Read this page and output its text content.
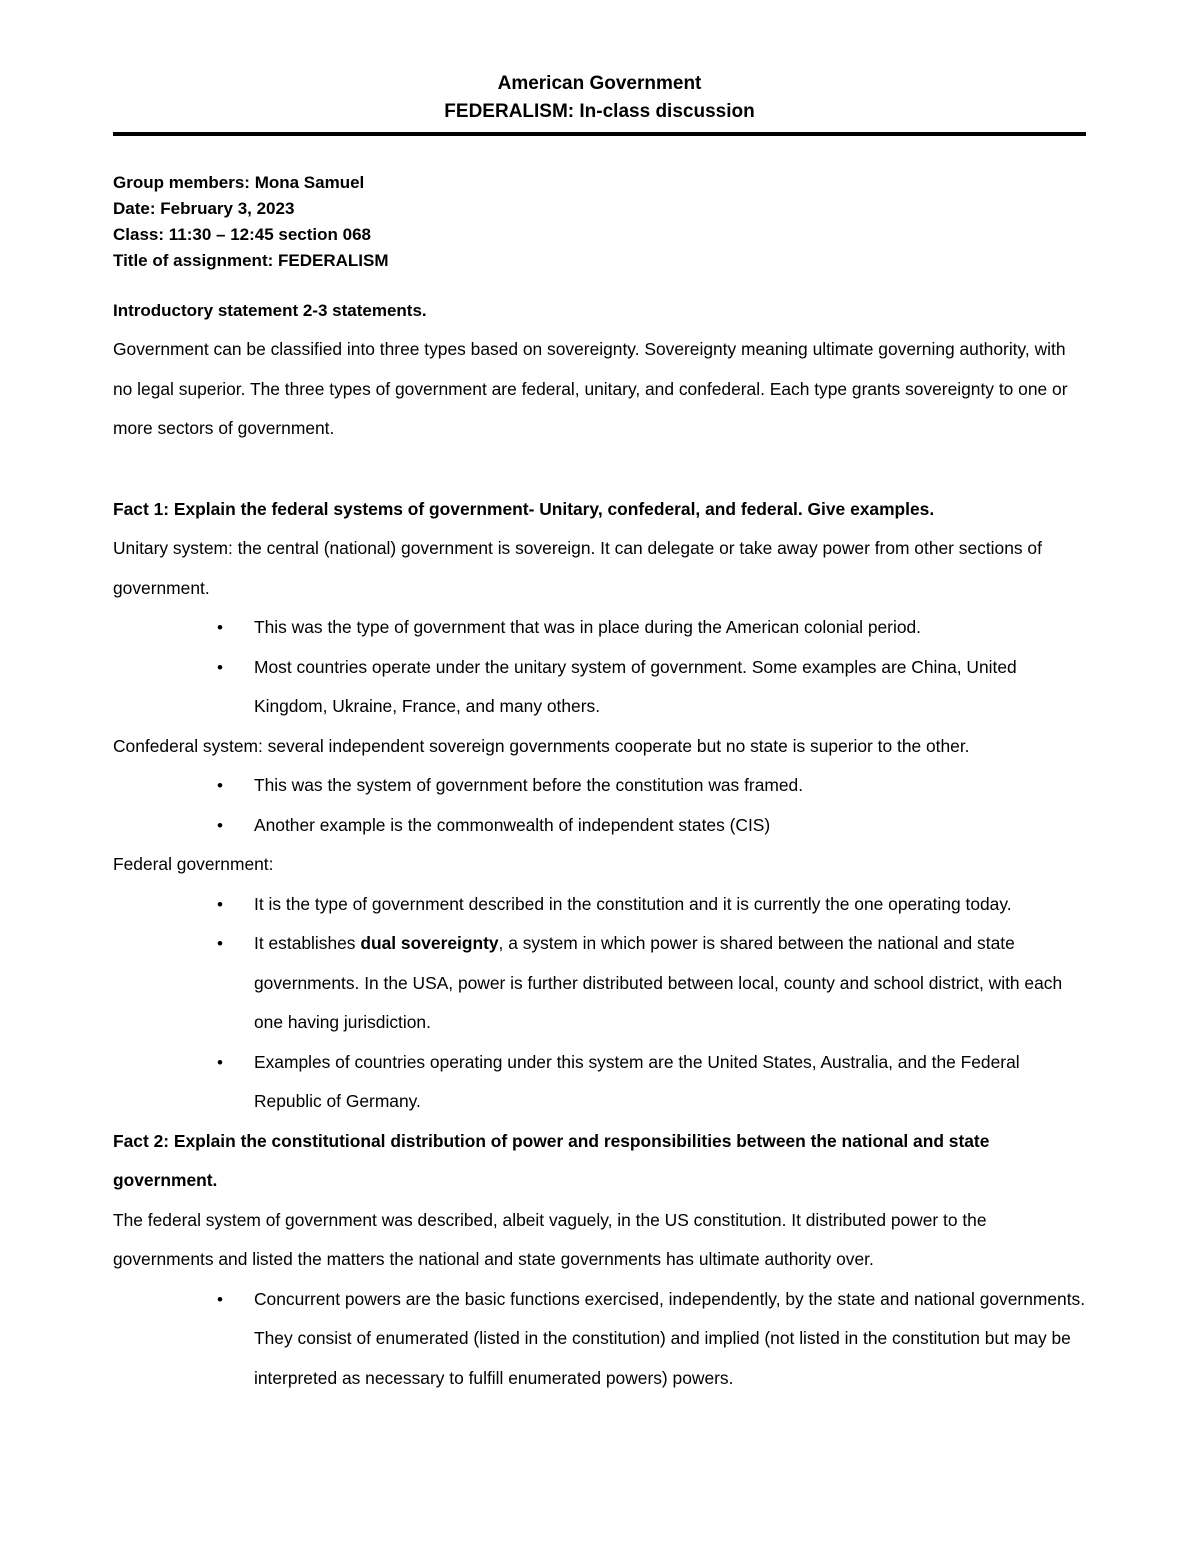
American Government
FEDERALISM: In-class discussion
Group members: Mona Samuel
Date: February 3, 2023
Class: 11:30 – 12:45 section 068
Title of assignment: FEDERALISM
Introductory statement 2-3 statements.
Government can be classified into three types based on sovereignty. Sovereignty meaning ultimate governing authority, with no legal superior. The three types of government are federal, unitary, and confederal. Each type grants sovereignty to one or more sectors of government.
Fact 1: Explain the federal systems of government- Unitary, confederal, and federal. Give examples.
Unitary system: the central (national) government is sovereign. It can delegate or take away power from other sections of government.
• This was the type of government that was in place during the American colonial period.
• Most countries operate under the unitary system of government. Some examples are China, United Kingdom, Ukraine, France, and many others.
Confederal system: several independent sovereign governments cooperate but no state is superior to the other.
• This was the system of government before the constitution was framed.
• Another example is the commonwealth of independent states (CIS)
Federal government:
• It is the type of government described in the constitution and it is currently the one operating today.
• It establishes dual sovereignty, a system in which power is shared between the national and state governments. In the USA, power is further distributed between local, county and school district, with each one having jurisdiction.
• Examples of countries operating under this system are the United States, Australia, and the Federal Republic of Germany.
Fact 2: Explain the constitutional distribution of power and responsibilities between the national and state government.
The federal system of government was described, albeit vaguely, in the US constitution. It distributed power to the governments and listed the matters the national and state governments has ultimate authority over.
• Concurrent powers are the basic functions exercised, independently, by the state and national governments. They consist of enumerated (listed in the constitution) and implied (not listed in the constitution but may be interpreted as necessary to fulfill enumerated powers) powers.
